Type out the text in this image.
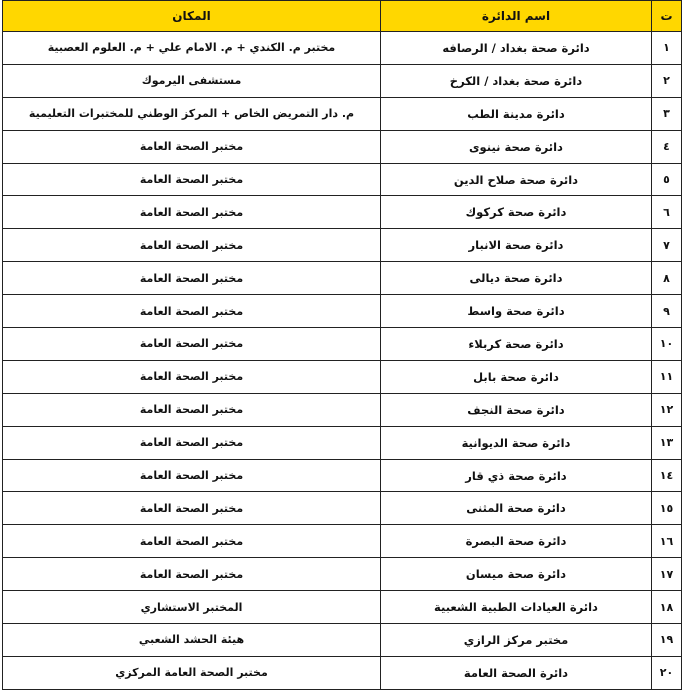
ت	اسم الدائرة	المكان
١	دائرة صحة بغداد / الرصافه	مختبر م. الكندي + م. الامام علي + م. العلوم العصبية
٢	دائرة صحة بغداد / الكرخ	مستشفى اليرموك
٣	دائرة مدينة الطب	م. دار التمريض الخاص + المركز الوطني للمختبرات التعليمية
٤	دائرة صحة نينوى	مختبر الصحة العامة
٥	دائرة صحة صلاح الدين	مختبر الصحة العامة
٦	دائرة صحة كركوك	مختبر الصحة العامة
٧	دائرة صحة الانبار	مختبر الصحة العامة
٨	دائرة صحة ديالى	مختبر الصحة العامة
٩	دائرة صحة واسط	مختبر الصحة العامة
١٠	دائرة صحة كربلاء	مختبر الصحة العامة
١١	دائرة صحة بابل	مختبر الصحة العامة
١٢	دائرة صحة النجف	مختبر الصحة العامة
١٣	دائرة صحة الديوانية	مختبر الصحة العامة
١٤	دائرة صحة ذي قار	مختبر الصحة العامة
١٥	دائرة صحة المثنى	مختبر الصحة العامة
١٦	دائرة صحة البصرة	مختبر الصحة العامة
١٧	دائرة صحة ميسان	مختبر الصحة العامة
١٨	دائرة العيادات الطبية الشعبية	المختبر الاستشاري
١٩	مختبر مركز الرازي	هيئة الحشد الشعبي
٢٠	دائرة الصحة العامة	مختبر الصحة العامة المركزي
